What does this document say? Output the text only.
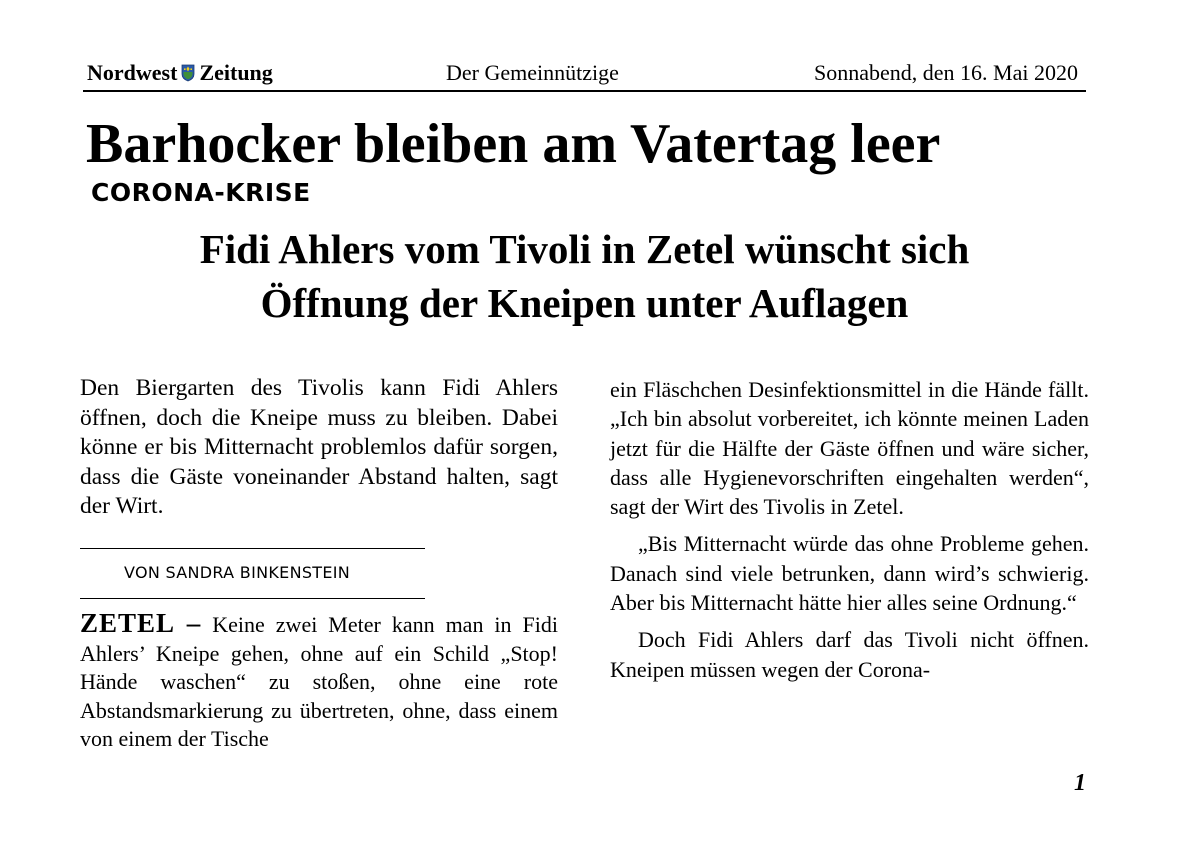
Nordwest Zeitung	Der Gemeinnützige	Sonnabend, den 16. Mai 2020
Barhocker bleiben am Vatertag leer
CORONA-KRISE
Fidi Ahlers vom Tivoli in Zetel wünscht sich
Öffnung der Kneipen unter Auflagen

Den Biergarten des Tivolis kann Fidi Ahlers öffnen, doch die Kneipe muss zu bleiben. Dabei könne er bis Mitternacht problemlos dafür sorgen, dass die Gäste voneinander Abstand halten, sagt der Wirt.

VON SANDRA BINKENSTEIN

ZETEL – Keine zwei Meter kann man in Fidi Ahlers’ Kneipe gehen, ohne auf ein Schild „Stop! Hände waschen“ zu stoßen, ohne eine rote Abstandsmarkierung zu übertreten, ohne, dass einem von einem der Tische

ein Fläschchen Desinfektionsmittel in die Hände fällt. „Ich bin absolut vorbereitet, ich könnte meinen Laden jetzt für die Hälfte der Gäste öffnen und wäre sicher, dass alle Hygienevorschriften eingehalten werden“, sagt der Wirt des Tivolis in Zetel.

„Bis Mitternacht würde das ohne Probleme gehen. Danach sind viele betrunken, dann wird’s schwierig. Aber bis Mitternacht hätte hier alles seine Ordnung.“

Doch Fidi Ahlers darf das Tivoli nicht öffnen. Kneipen müssen wegen der Corona-

1
